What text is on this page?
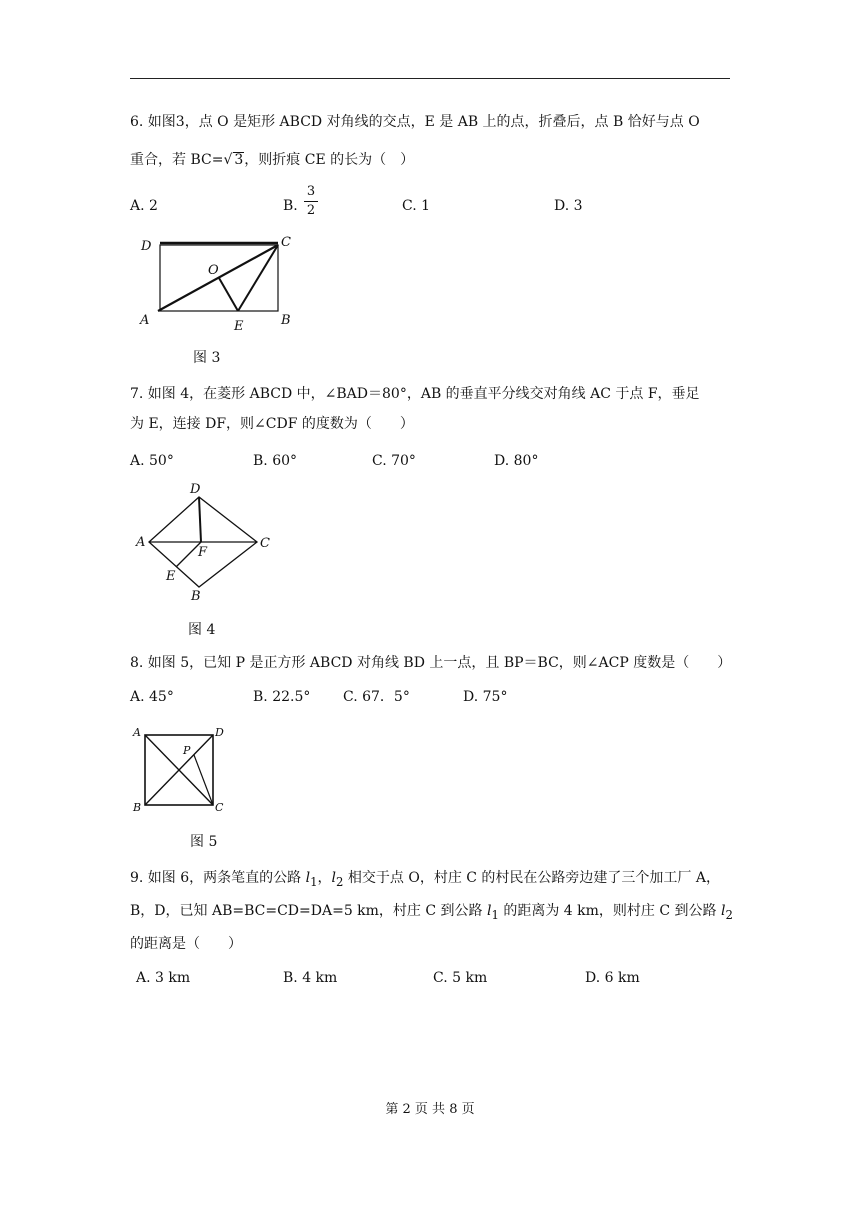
6. 如图3，点 O 是矩形 ABCD 对角线的交点，E 是 AB 上的点，折叠后，点 B 恰好与点 O
重合，若 BC=√ 3，则折痕 CE 的长为（　）
A. 2	B.
3
2	C. 1	D. 3
D	C
O
A	E	B
图 3
7. 如图 4，在菱形 ABCD 中，∠BAD＝80°，AB 的垂直平分线交对角线 AC 于点 F，垂足
为 E，连接 DF，则∠CDF 的度数为（　　）
A. 50°	B. 60°	C. 70°	D. 80°
D
A
F
C
E
B
图 4
8. 如图 5，已知 P 是正方形 ABCD 对角线 BD 上一点，且 BP＝BC，则∠ACP 度数是（　　）
A. 45°	B. 22.5° C. 67．5°	D. 75°
A	D
P
B	C
图 5
9. 如图 6，两条笔直的公路 $l_1$，$l_2$ 相交于点 O，村庄 C 的村民在公路旁边建了三个加工厂 A，
B，D，已知 AB=BC=CD=DA=5 km，村庄 C 到公路 $l_1$ 的距离为 4 km，则村庄 C 到公路 $l_2$
的距离是（　　）
A. 3 km	B. 4 km	C. 5 km	D. 6 km
第 2 页 共 8 页
